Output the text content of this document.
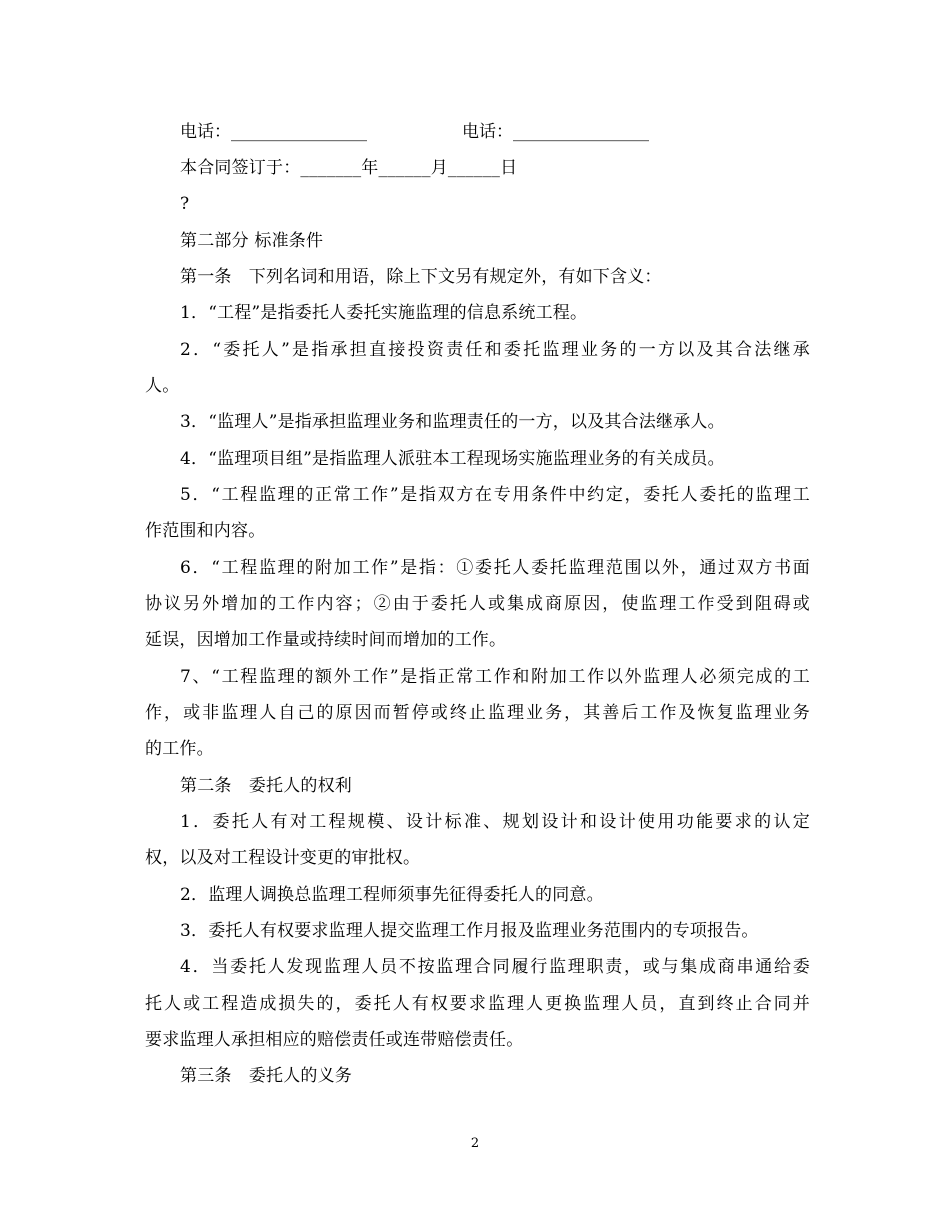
电话：________________	电话：________________
本合同签订于：_______年______月______日
?
第二部分 标准条件
第一条　下列名词和用语，除上下文另有规定外，有如下含义：
1．“工程”是指委托人委托实施监理的信息系统工程。
2．“委托人”是指承担直接投资责任和委托监理业务的一方以及其合法继承
人。
3．“监理人”是指承担监理业务和监理责任的一方，以及其合法继承人。
4．“监理项目组”是指监理人派驻本工程现场实施监理业务的有关成员。
5．“工程监理的正常工作”是指双方在专用条件中约定，委托人委托的监理工
作范围和内容。
6．“工程监理的附加工作”是指：①委托人委托监理范围以外，通过双方书面
协议另外增加的工作内容；②由于委托人或集成商原因，使监理工作受到阻碍或
延误，因增加工作量或持续时间而增加的工作。
7、“工程监理的额外工作”是指正常工作和附加工作以外监理人必须完成的工
作，或非监理人自己的原因而暂停或终止监理业务，其善后工作及恢复监理业务
的工作。
第二条　委托人的权利
1．委托人有对工程规模、设计标准、规划设计和设计使用功能要求的认定
权，以及对工程设计变更的审批权。
2．监理人调换总监理工程师须事先征得委托人的同意。
3．委托人有权要求监理人提交监理工作月报及监理业务范围内的专项报告。
4．当委托人发现监理人员不按监理合同履行监理职责，或与集成商串通给委
托人或工程造成损失的，委托人有权要求监理人更换监理人员，直到终止合同并
要求监理人承担相应的赔偿责任或连带赔偿责任。
第三条　委托人的义务
2
